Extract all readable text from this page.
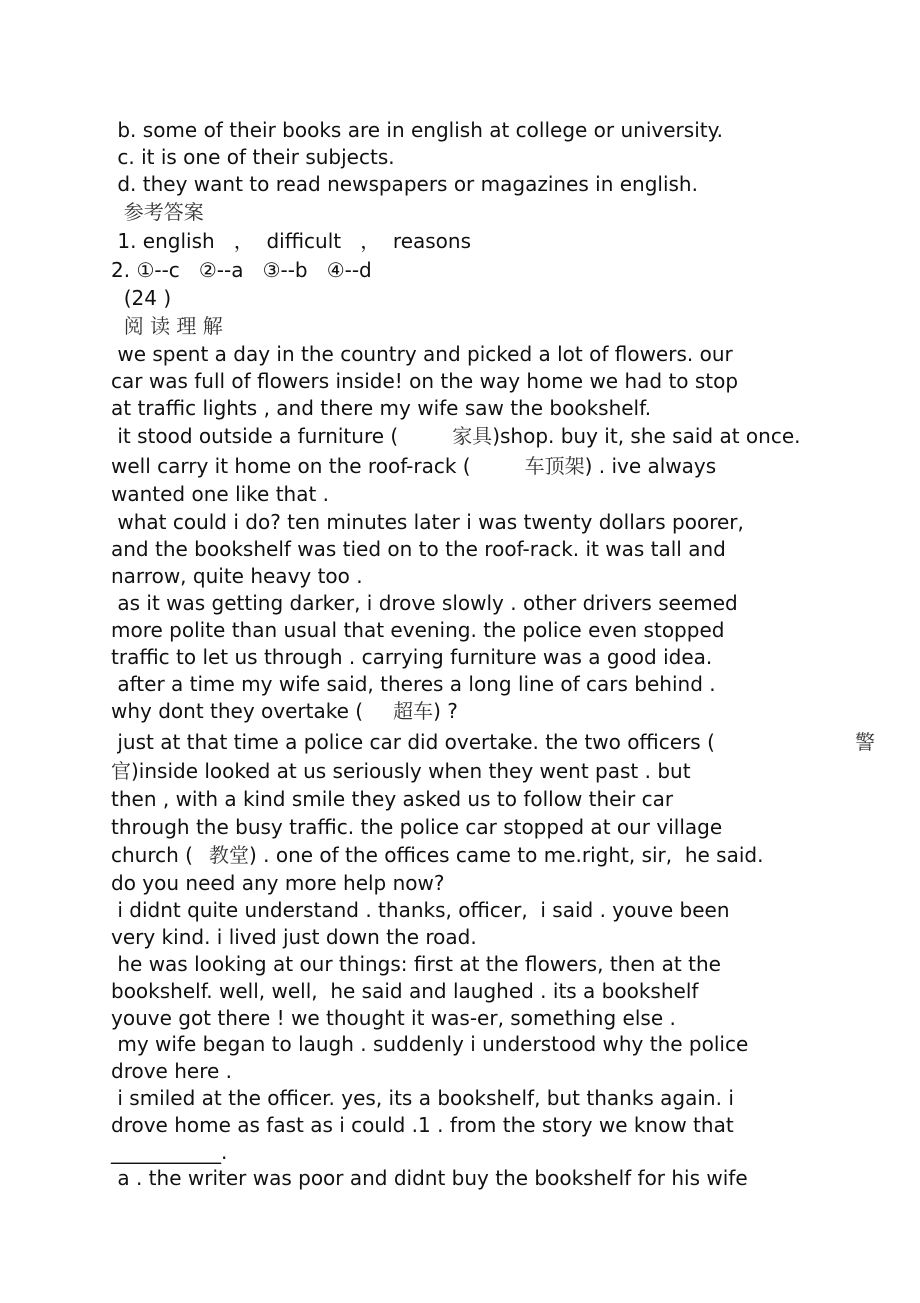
b. some of their books are in english at college or university.
c. it is one of their subjects.
d. they want to read newspapers or magazines in english.
参考答案
1. english   ，  difficult   ，  reasons
2. ①--c   ②--a   ③--b   ④--d
(24 )
阅 读 理 解
we spent a day in the country and picked a lot of flowers. our
car was full of flowers inside! on the way home we had to stop
at traffic lights , and there my wife saw the bookshelf.
it stood outside a furniture (	家具)shop. buy it, she said at once.
well carry it home on the roof-rack (	车顶架) . ive always
wanted one like that .
what could i do? ten minutes later i was twenty dollars poorer,
and the bookshelf was tied on to the roof-rack. it was tall and
narrow, quite heavy too .
as it was getting darker, i drove slowly . other drivers seemed
more polite than usual that evening. the police even stopped
traffic to let us through . carrying furniture was a good idea.
after a time my wife said, theres a long line of cars behind .
why dont they overtake ( 超车) ?
just at that time a police car did overtake. the two officers (	警
官)inside looked at us seriously when they went past . but
then , with a kind smile they asked us to follow their car
through the busy traffic. the police car stopped at our village
church ( 教堂) . one of the offices came to me.right, sir,  he said.
do you need any more help now?
i didnt quite understand . thanks, officer,  i said . youve been
very kind. i lived just down the road.
he was looking at our things: first at the flowers, then at the
bookshelf. well, well,  he said and laughed . its a bookshelf
youve got there ! we thought it was-er, something else .
my wife began to laugh . suddenly i understood why the police
drove here .
i smiled at the officer. yes, its a bookshelf, but thanks again. i
drove home as fast as i could .1 . from the story we know that
___________.
a . the writer was poor and didnt buy the bookshelf for his wife
